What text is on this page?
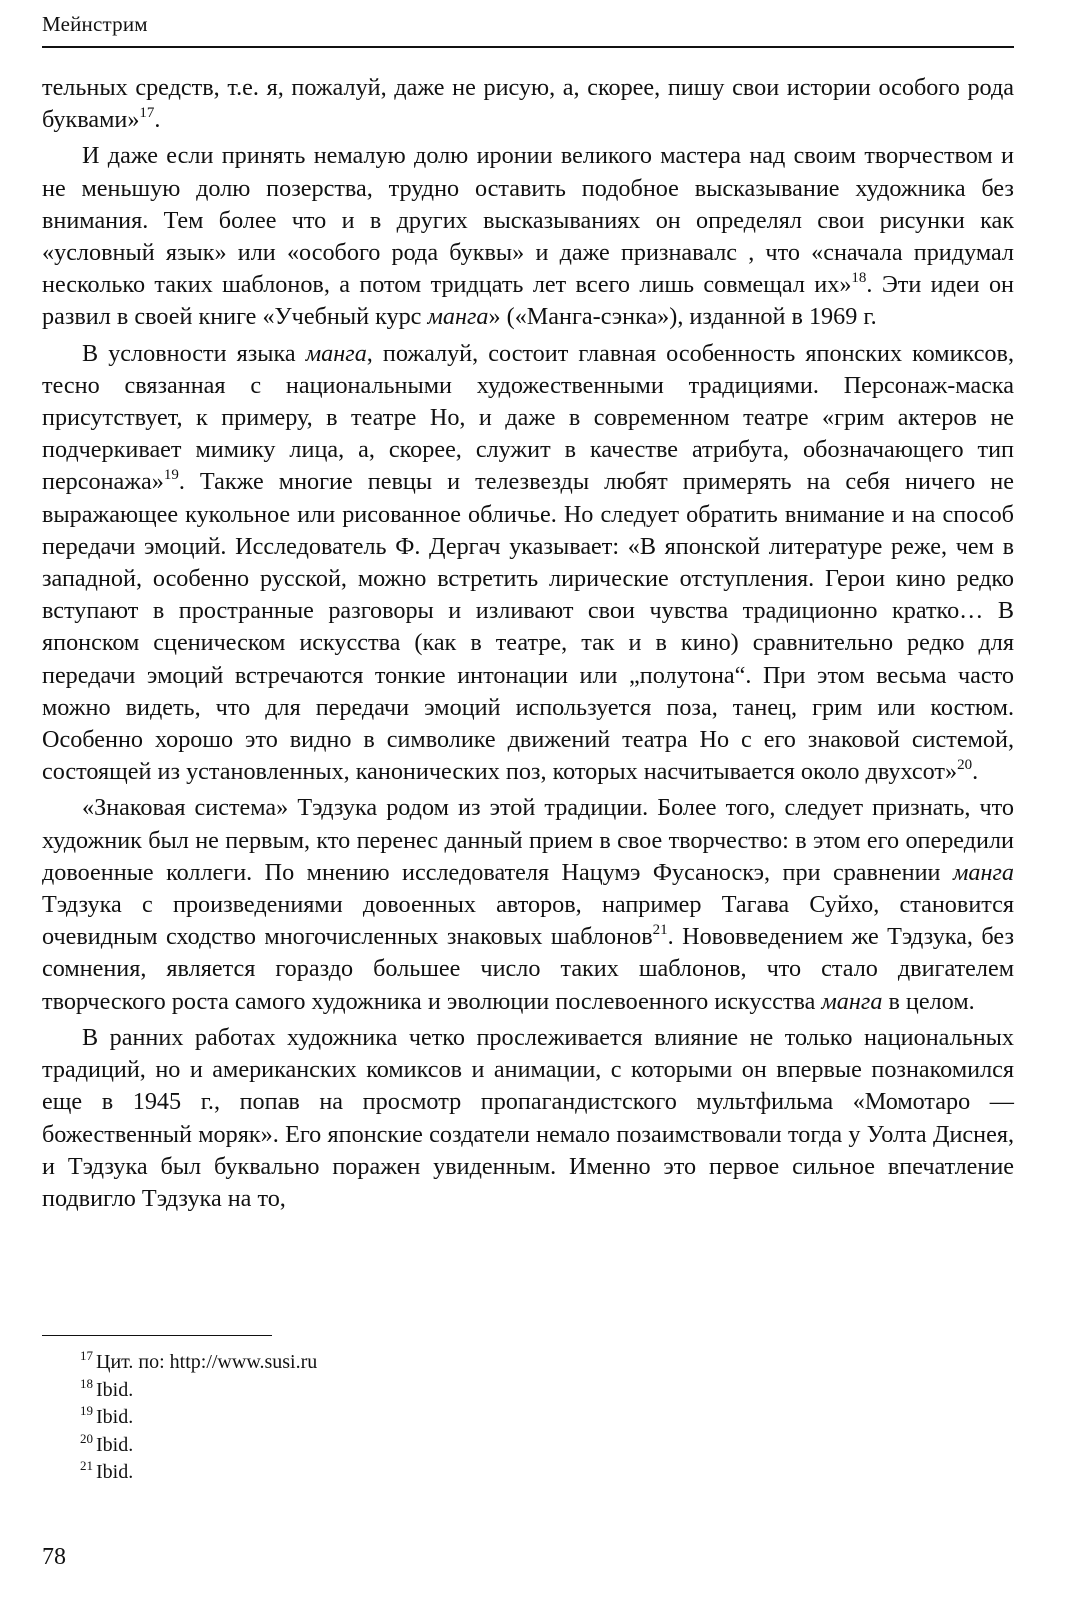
Мейнстрим

тельных средств, т.е. я, пожалуй, даже не рисую, а, скорее, пишу свои истории особого рода буквами»$^{17}$.

И даже если принять немалую долю иронии великого мастера над своим творчеством и не меньшую долю позерства, трудно оставить подобное высказывание художника без внимания. Тем более что и в других высказываниях он определял свои рисунки как «условный язык» или «особого рода буквы» и даже признавалс , что «сначала придумал несколько таких шаблонов, а потом тридцать лет всего лишь совмещал их»$^{18}$. Эти идеи он развил в своей книге «Учебный курс манга» («Манга-сэнка»), изданной в 1969 г.

В условности языка манга, пожалуй, состоит главная особенность японских комиксов, тесно связанная с национальными художественными традициями. Персонаж-маска присутствует, к примеру, в театре Но, и даже в современном театре «грим актеров не подчеркивает мимику лица, а, скорее, служит в качестве атрибута, обозначающего тип персонажа»$^{19}$. Также многие певцы и телезвезды любят примерять на себя ничего не выражающее кукольное или рисованное обличье. Но следует обратить внимание и на способ передачи эмоций. Исследователь Ф. Дергач указывает: «В японской литературе реже, чем в западной, особенно русской, можно встретить лирические отступления. Герои кино редко вступают в пространные разговоры и изливают свои чувства традиционно кратко… В японском сценическом искусства (как в театре, так и в кино) сравнительно редко для передачи эмоций встречаются тонкие интонации или „полутона“. При этом весьма часто можно видеть, что для передачи эмоций используется поза, танец, грим или костюм. Особенно хорошо это видно в символике движений театра Но с его знаковой системой, состоящей из установленных, канонических поз, которых насчитывается около двухсот»$^{20}$.

«Знаковая система» Тэдзука родом из этой традиции. Более того, следует признать, что художник был не первым, кто перенес данный прием в свое творчество: в этом его опередили довоенные коллеги. По мнению исследователя Нацумэ Фусаноскэ, при сравнении манга Тэдзука с произведениями довоенных авторов, например Тагава Суйхо, становится очевидным сходство многочисленных знаковых шаблонов$^{21}$. Нововведением же Тэдзука, без сомнения, является гораздо большее число таких шаблонов, что стало двигателем творческого роста самого художника и эволюции послевоенного искусства манга в целом.

В ранних работах художника четко прослеживается влияние не только национальных традиций, но и американских комиксов и анимации, с которыми он впервые познакомился еще в 1945 г., попав на просмотр пропагандистского мультфильма «Момотаро — божественный моряк». Его японские создатели немало позаимствовали тогда у Уолта Диснея, и Тэдзука был буквально поражен увиденным. Именно это первое сильное впечатление подвигло Тэдзука на то,

$^{17}$ Цит. по: http://www.susi.ru
$^{18}$ Ibid.
$^{19}$ Ibid.
$^{20}$ Ibid.
$^{21}$ Ibid.
78
